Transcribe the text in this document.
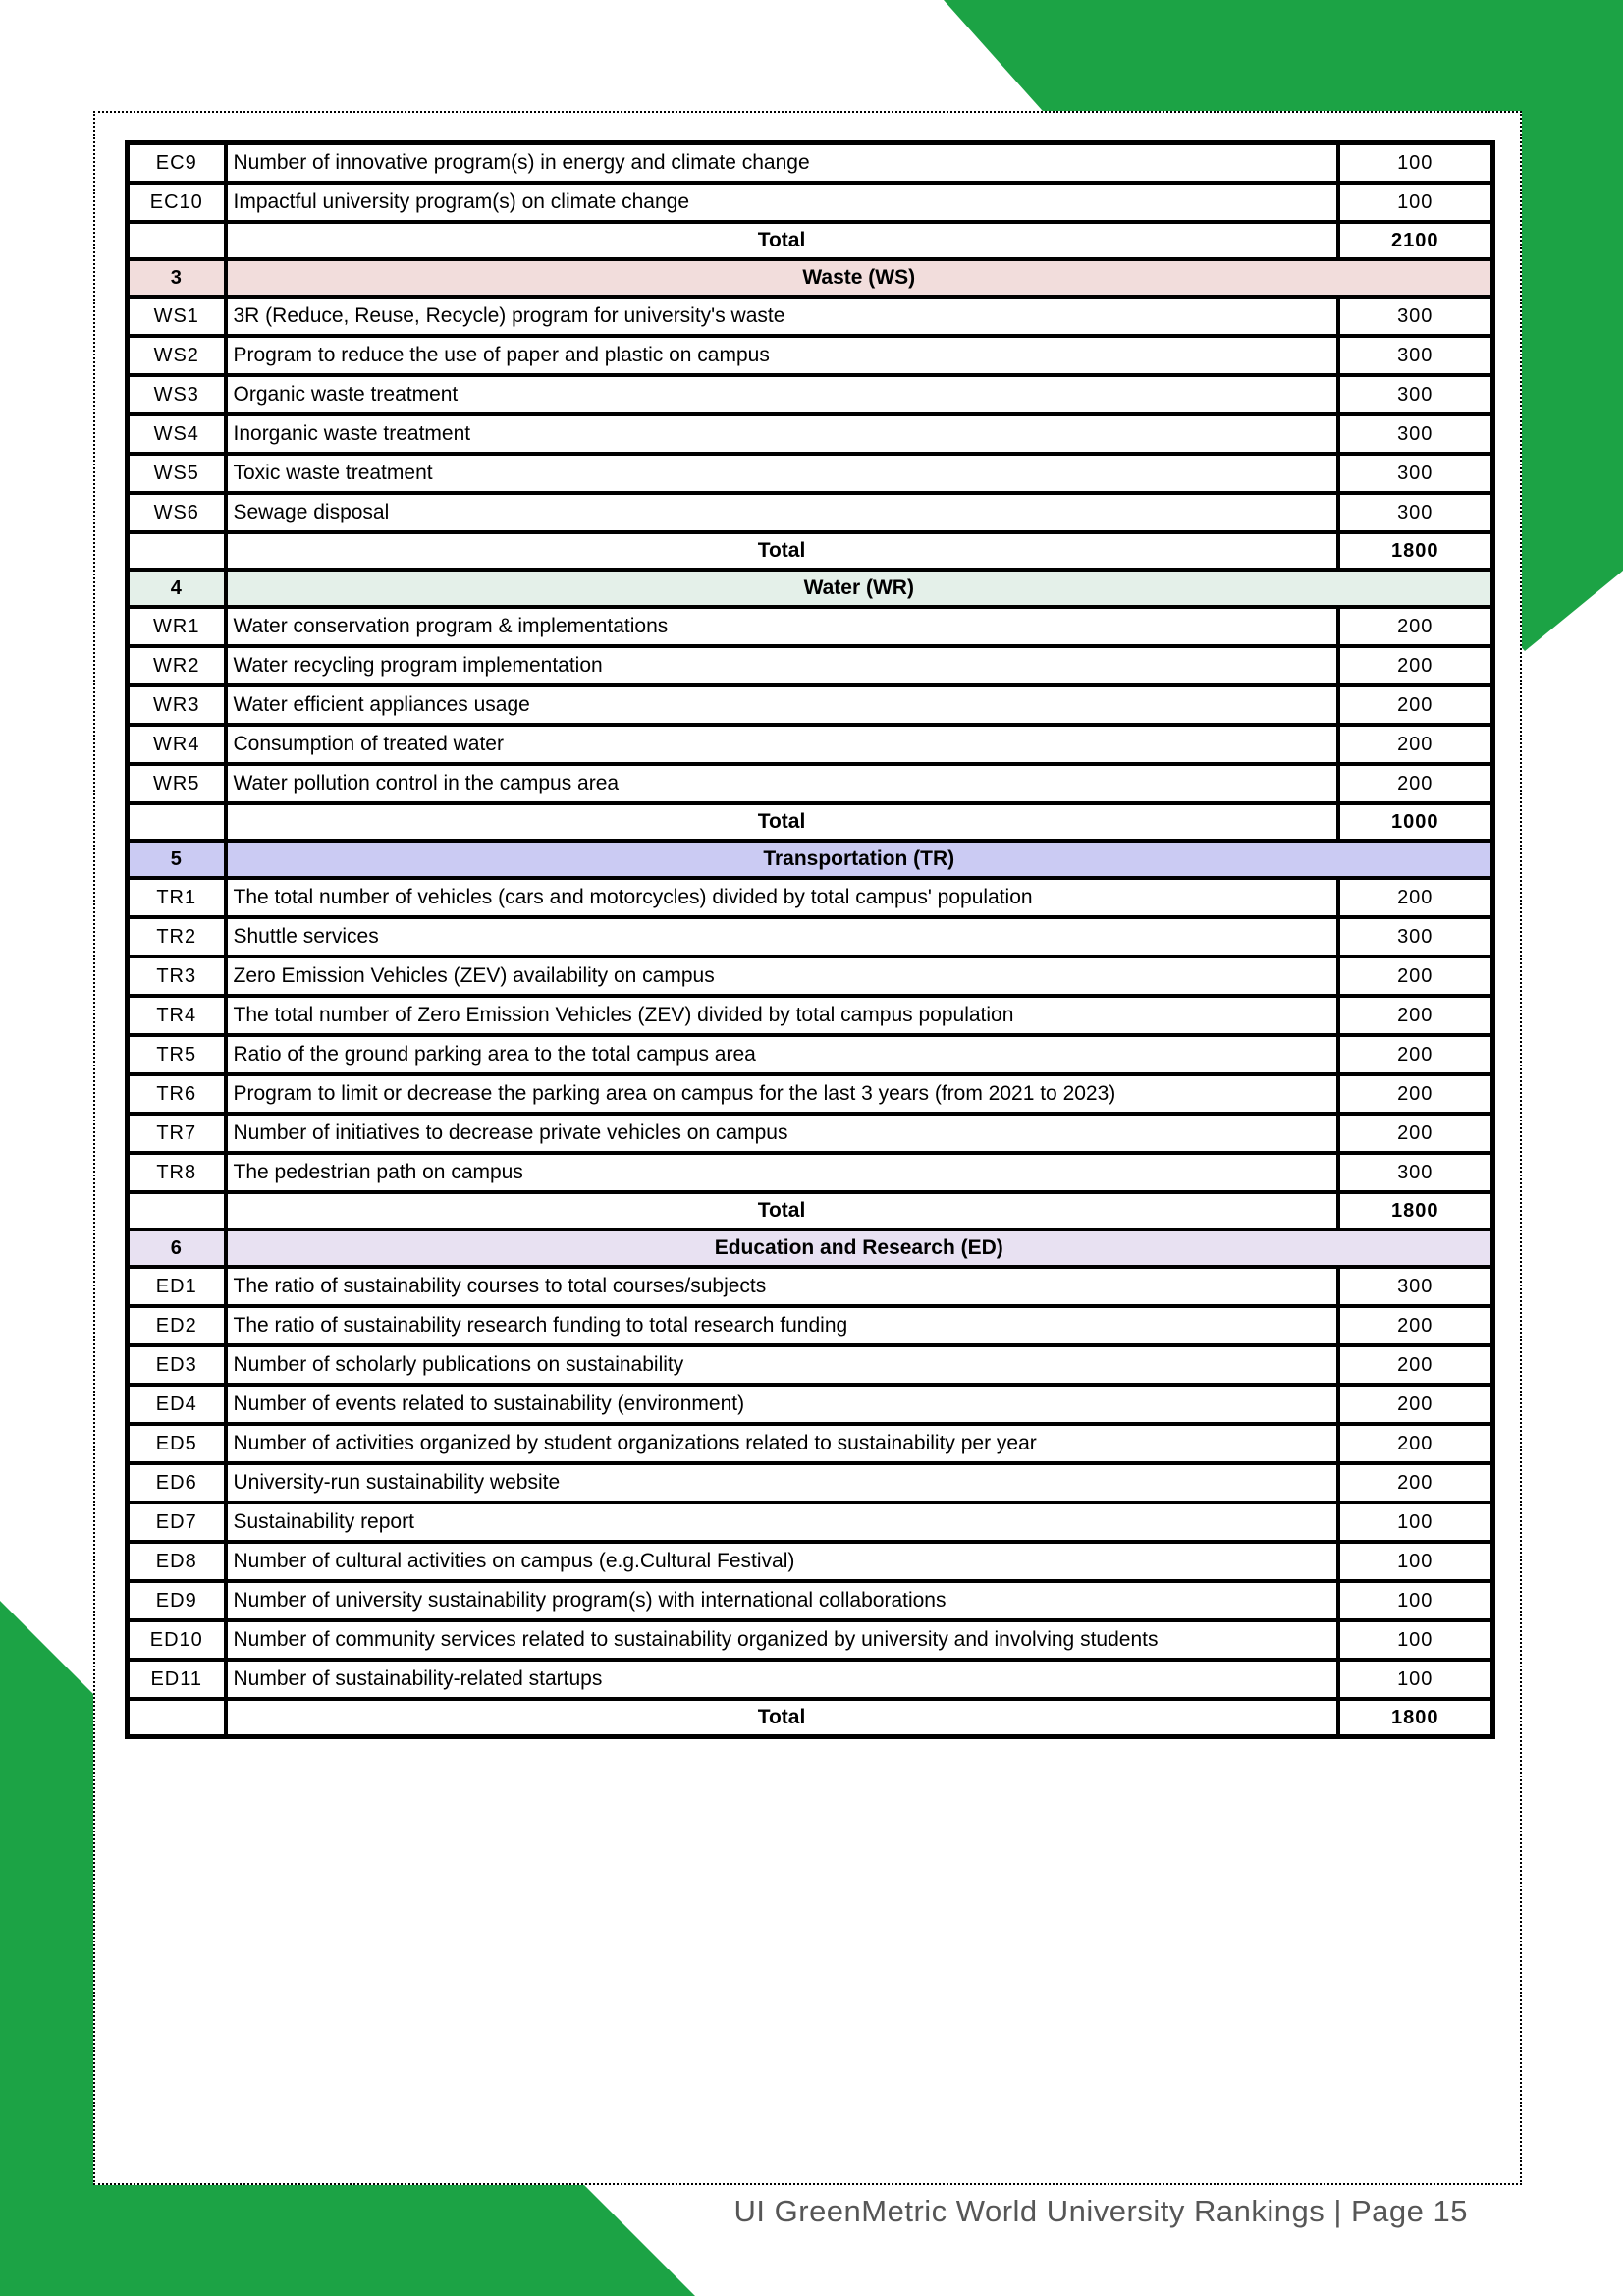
EC9	Number of innovative program(s) in energy and climate change	100
EC10	Impactful university program(s) on climate change	100
	Total	2100
3	Waste (WS)	
WS1	3R (Reduce, Reuse, Recycle) program for university's waste	300
WS2	Program to reduce the use of paper and plastic on campus	300
WS3	Organic waste treatment	300
WS4	Inorganic waste treatment	300
WS5	Toxic waste treatment	300
WS6	Sewage disposal	300
	Total	1800
4	Water (WR)	
WR1	Water conservation program & implementations	200
WR2	Water recycling program implementation	200
WR3	Water efficient appliances usage	200
WR4	Consumption of treated water	200
WR5	Water pollution control in the campus area	200
	Total	1000
5	Transportation (TR)	
TR1	The total number of vehicles (cars and motorcycles) divided by total campus' population	200
TR2	Shuttle services	300
TR3	Zero Emission Vehicles (ZEV) availability on campus	200
TR4	The total number of Zero Emission Vehicles (ZEV) divided by total campus population	200
TR5	Ratio of the ground parking area to the total campus area	200
TR6	Program to limit or decrease the parking area on campus for the last 3 years (from 2021 to 2023)	200
TR7	Number of initiatives to decrease private vehicles on campus	200
TR8	The pedestrian path on campus	300
	Total	1800
6	Education and Research (ED)	
ED1	The ratio of sustainability courses to total courses/subjects	300
ED2	The ratio of sustainability research funding to total research funding	200
ED3	Number of scholarly publications on sustainability	200
ED4	Number of events related to sustainability (environment)	200
ED5	Number of activities organized by student organizations related to sustainability per year	200
ED6	University-run sustainability website	200
ED7	Sustainability report	100
ED8	Number of cultural activities on campus (e.g.Cultural Festival)	100
ED9	Number of university sustainability program(s) with international collaborations	100
ED10	Number of community services related to sustainability organized by university and involving students	100
ED11	Number of sustainability-related startups	100
	Total	1800
UI GreenMetric World University Rankings | Page 15
